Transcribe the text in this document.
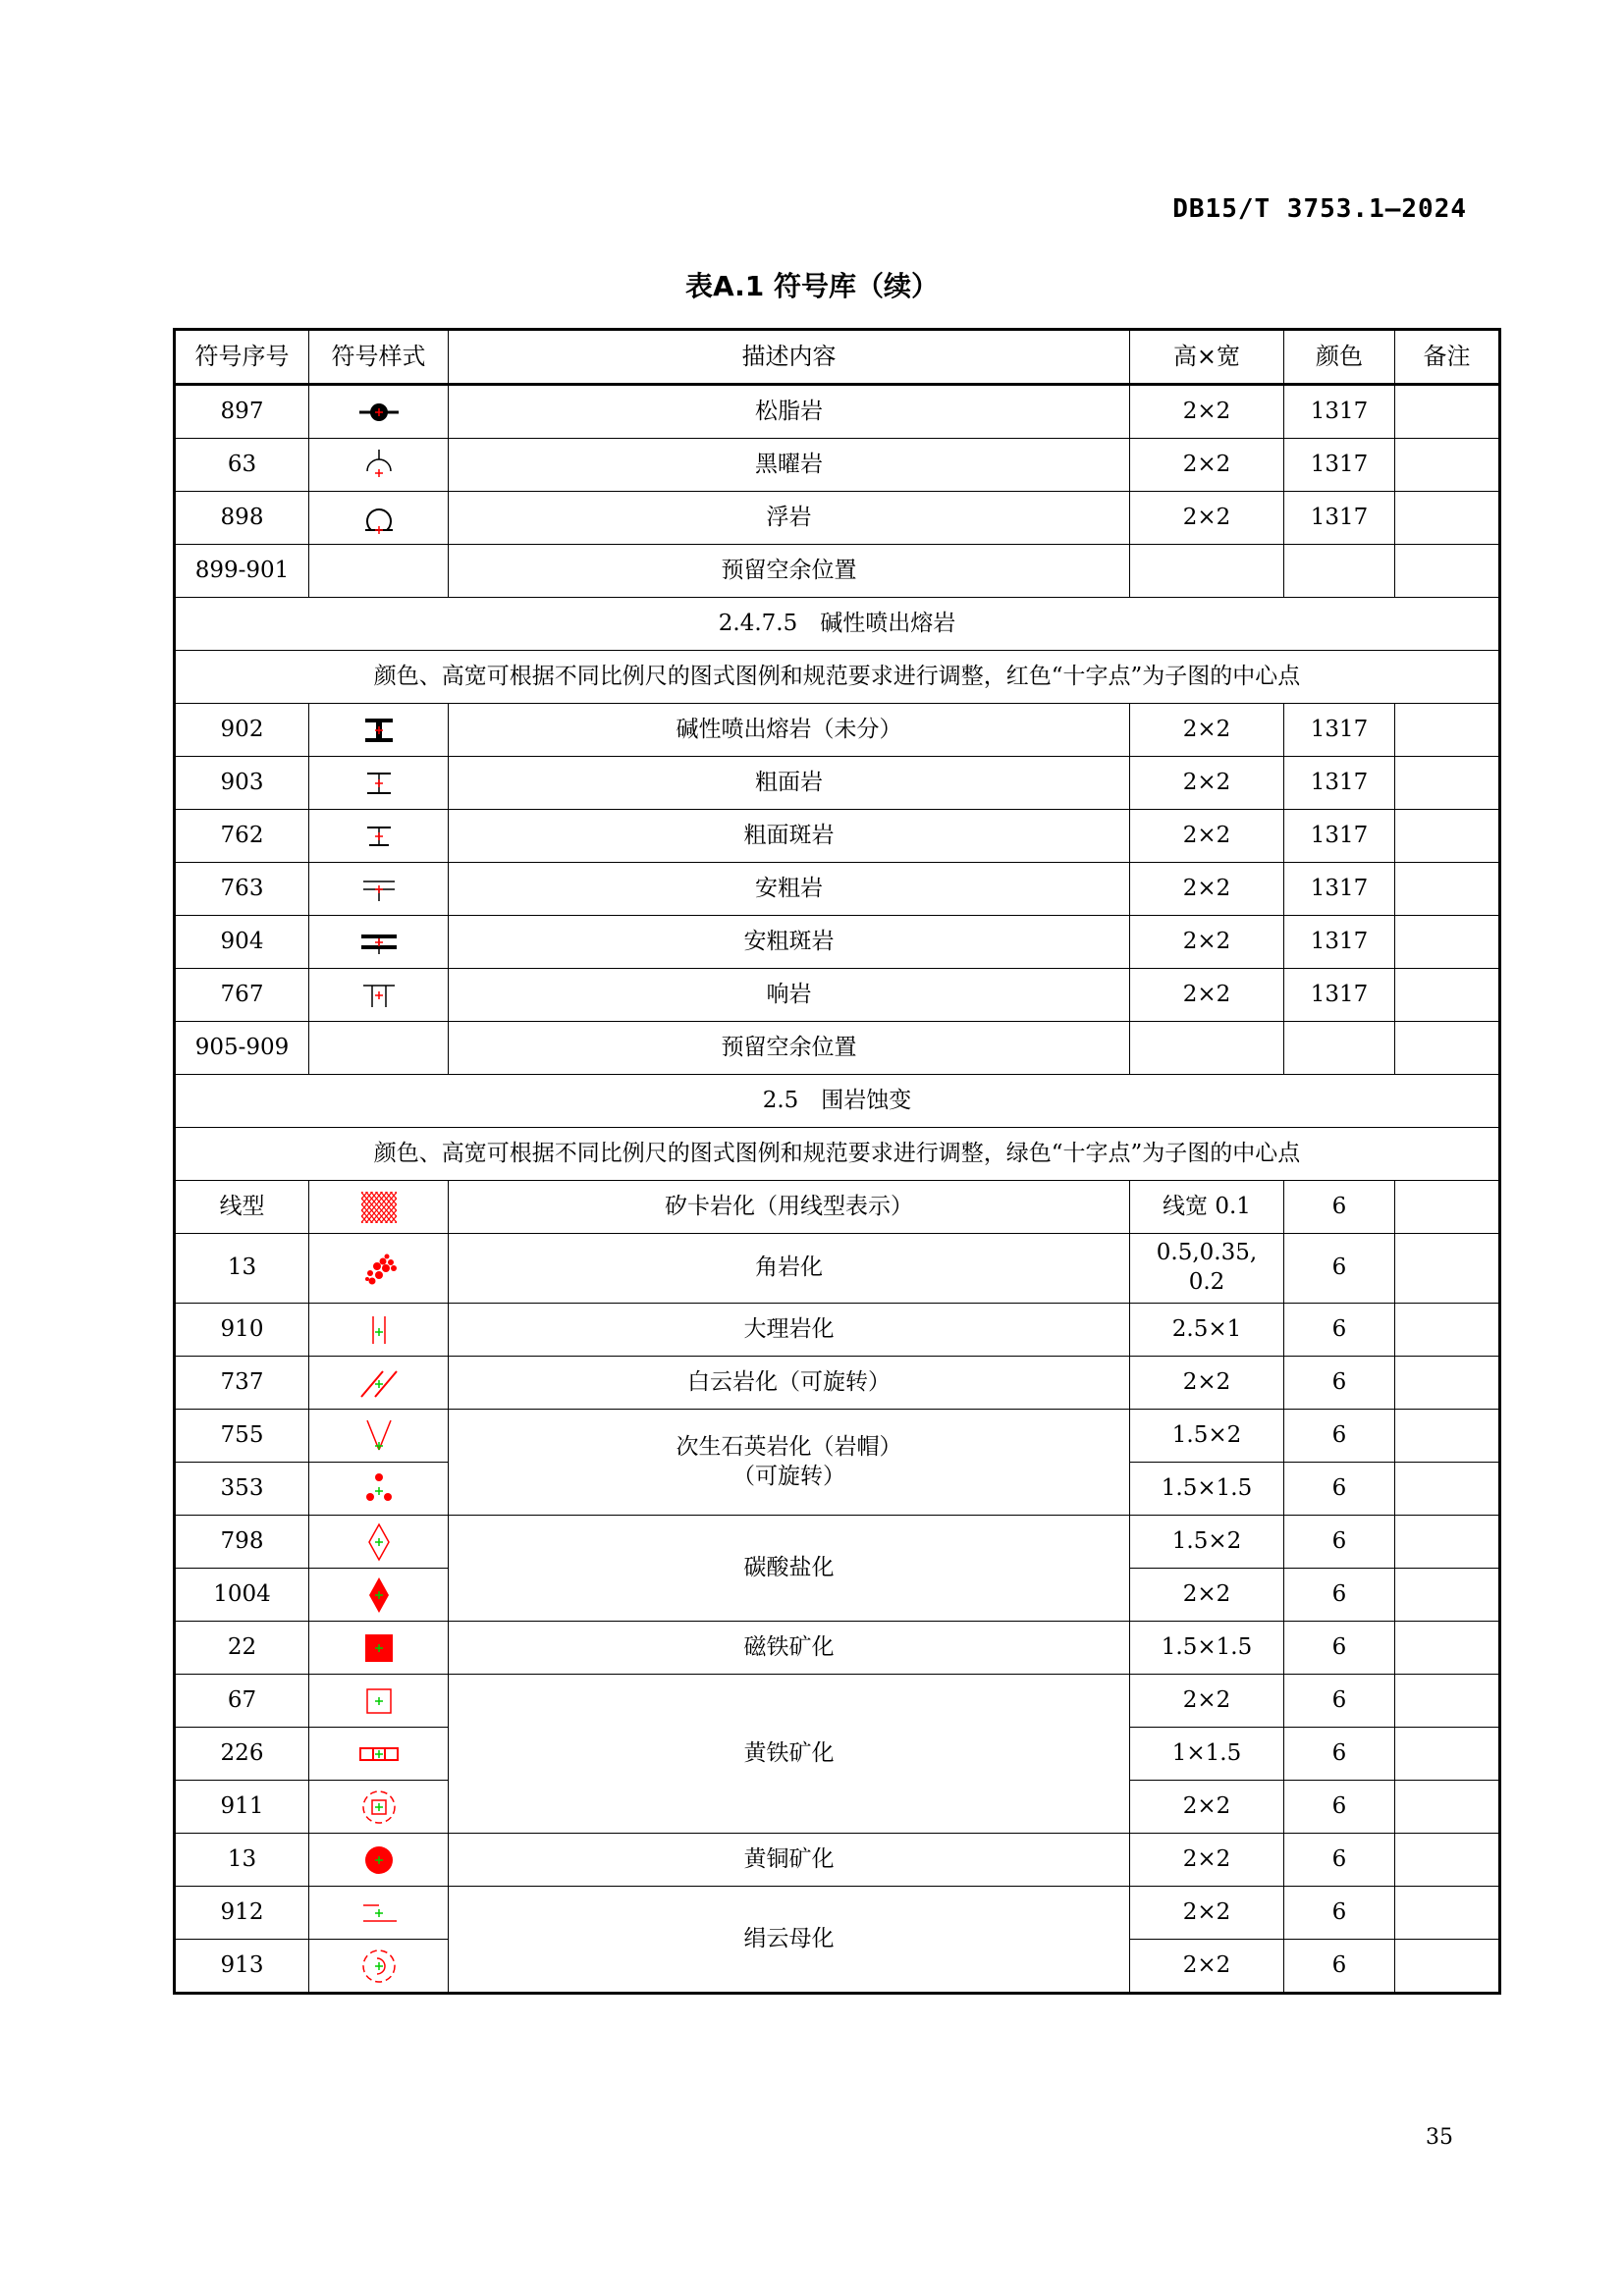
DB15/T 3753.1—2024
表A.1 符号库（续）
符号序号	符号样式	描述内容	高×宽	颜色	备注
897		松脂岩	2×2	1317	
63		黑曜岩	2×2	1317	
898		浮岩	2×2	1317	
899-901		预留空余位置			
2.4.7.5　碱性喷出熔岩					
颜色、高宽可根据不同比例尺的图式图例和规范要求进行调整，红色“十字点”为子图的中心点					
902		碱性喷出熔岩（未分）	2×2	1317	
903		粗面岩	2×2	1317	
762		粗面斑岩	2×2	1317	
763		安粗岩	2×2	1317	
904		安粗斑岩	2×2	1317	
767		响岩	2×2	1317	
905-909		预留空余位置			
2.5　围岩蚀变					
颜色、高宽可根据不同比例尺的图式图例和规范要求进行调整，绿色“十字点”为子图的中心点					
线型		矽卡岩化（用线型表示）	线宽 0.1	6	
13		角岩化	0.5,0.35,
0.2	6	
910		大理岩化	2.5×1	6	
737		白云岩化（可旋转）	2×2	6	
755		次生石英岩化（岩帽）
（可旋转）	1.5×2	6	
353			1.5×1.5	6	
798		碳酸盐化	1.5×2	6	
1004			2×2	6	
22		磁铁矿化	1.5×1.5	6	
67		黄铁矿化	2×2	6	
226			1×1.5	6	
911			2×2	6	
13		黄铜矿化	2×2	6	
912		绢云母化	2×2	6	
913			2×2	6	
35
